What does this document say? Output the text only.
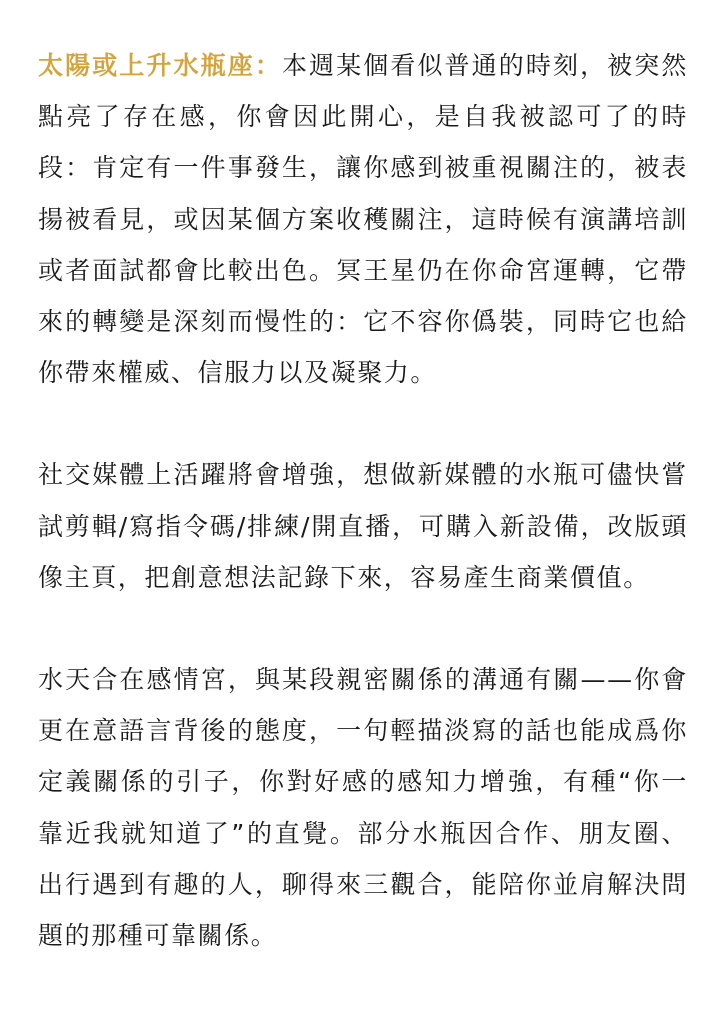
太陽或上升水瓶座：本週某個看似普通的時刻，被突然點亮了存在感，你會因此開心，是自我被認可了的時段：肯定有一件事發生，讓你感到被重視關注的，被表揚被看見，或因某個方案收穫關注，這時候有演講培訓或者面試都會比較出色。冥王星仍在你命宮運轉，它帶來的轉變是深刻而慢性的：它不容你僞裝，同時它也給你帶來權威、信服力以及凝聚力。

社交媒體上活躍將會增強，想做新媒體的水瓶可儘快嘗試剪輯/寫指令碼/排練/開直播，可購入新設備，改版頭像主頁，把創意想法記錄下來，容易產生商業價值。

水天合在感情宮，與某段親密關係的溝通有關——你會更在意語言背後的態度，一句輕描淡寫的話也能成爲你定義關係的引子，你對好感的感知力增強，有種“你一靠近我就知道了”的直覺。部分水瓶因合作、朋友圈、出行遇到有趣的人，聊得來三觀合，能陪你並肩解決問題的那種可靠關係。
